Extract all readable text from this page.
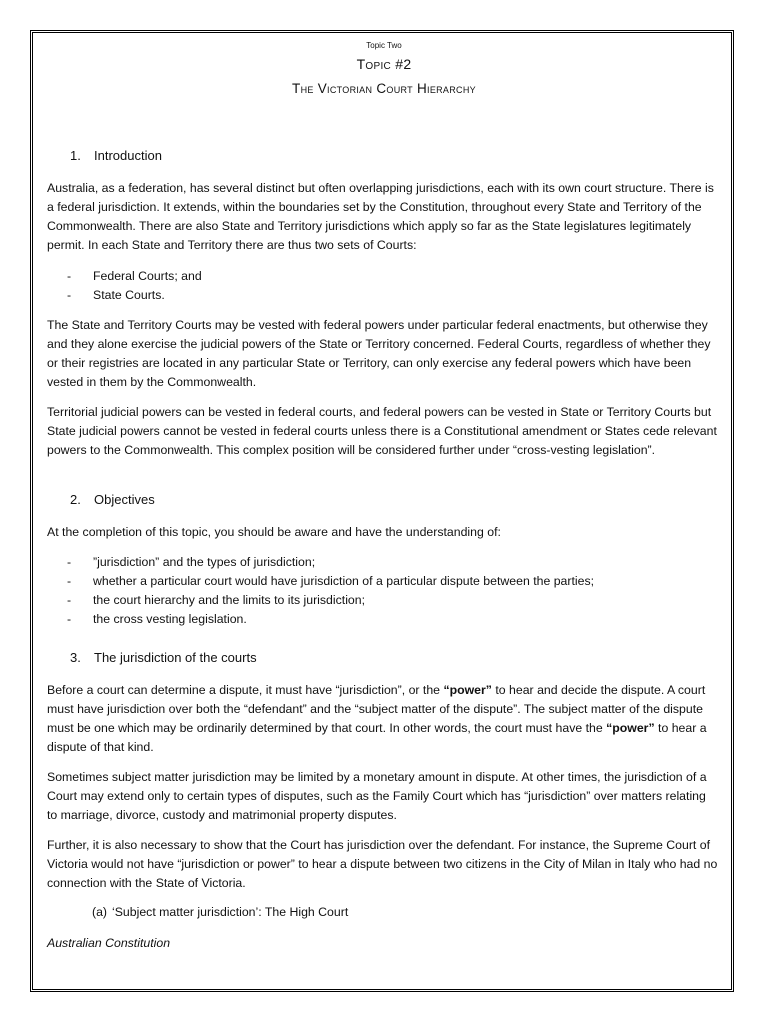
Topic Two
Topic #2
The Victorian Court Hierarchy
1. Introduction

Australia, as a federation, has several distinct but often overlapping jurisdictions, each with its own court structure. There is a federal jurisdiction. It extends, within the boundaries set by the Constitution, throughout every State and Territory of the Commonwealth. There are also State and Territory jurisdictions which apply so far as the State legislatures legitimately permit. In each State and Territory there are thus two sets of Courts:

- Federal Courts; and
- State Courts.

The State and Territory Courts may be vested with federal powers under particular federal enactments, but otherwise they and they alone exercise the judicial powers of the State or Territory concerned. Federal Courts, regardless of whether they or their registries are located in any particular State or Territory, can only exercise any federal powers which have been vested in them by the Commonwealth.

Territorial judicial powers can be vested in federal courts, and federal powers can be vested in State or Territory Courts but State judicial powers cannot be vested in federal courts unless there is a Constitutional amendment or States cede relevant powers to the Commonwealth. This complex position will be considered further under “cross-vesting legislation”.

2. Objectives

At the completion of this topic, you should be aware and have the understanding of:

- ”jurisdiction” and the types of jurisdiction;
- whether a particular court would have jurisdiction of a particular dispute between the parties;
- the court hierarchy and the limits to its jurisdiction;
- the cross vesting legislation.
3. The jurisdiction of the courts

Before a court can determine a dispute, it must have “jurisdiction”, or the “power” to hear and decide the dispute. A court must have jurisdiction over both the “defendant” and the “subject matter of the dispute”. The subject matter of the dispute must be one which may be ordinarily determined by that court. In other words, the court must have the “power” to hear a dispute of that kind.

Sometimes subject matter jurisdiction may be limited by a monetary amount in dispute. At other times, the jurisdiction of a Court may extend only to certain types of disputes, such as the Family Court which has “jurisdiction” over matters relating to marriage, divorce, custody and matrimonial property disputes.

Further, it is also necessary to show that the Court has jurisdiction over the defendant. For instance, the Supreme Court of Victoria would not have “jurisdiction or power” to hear a dispute between two citizens in the City of Milan in Italy who had no connection with the State of Victoria.

(a) ‘Subject matter jurisdiction’: The High Court
Australian Constitution
